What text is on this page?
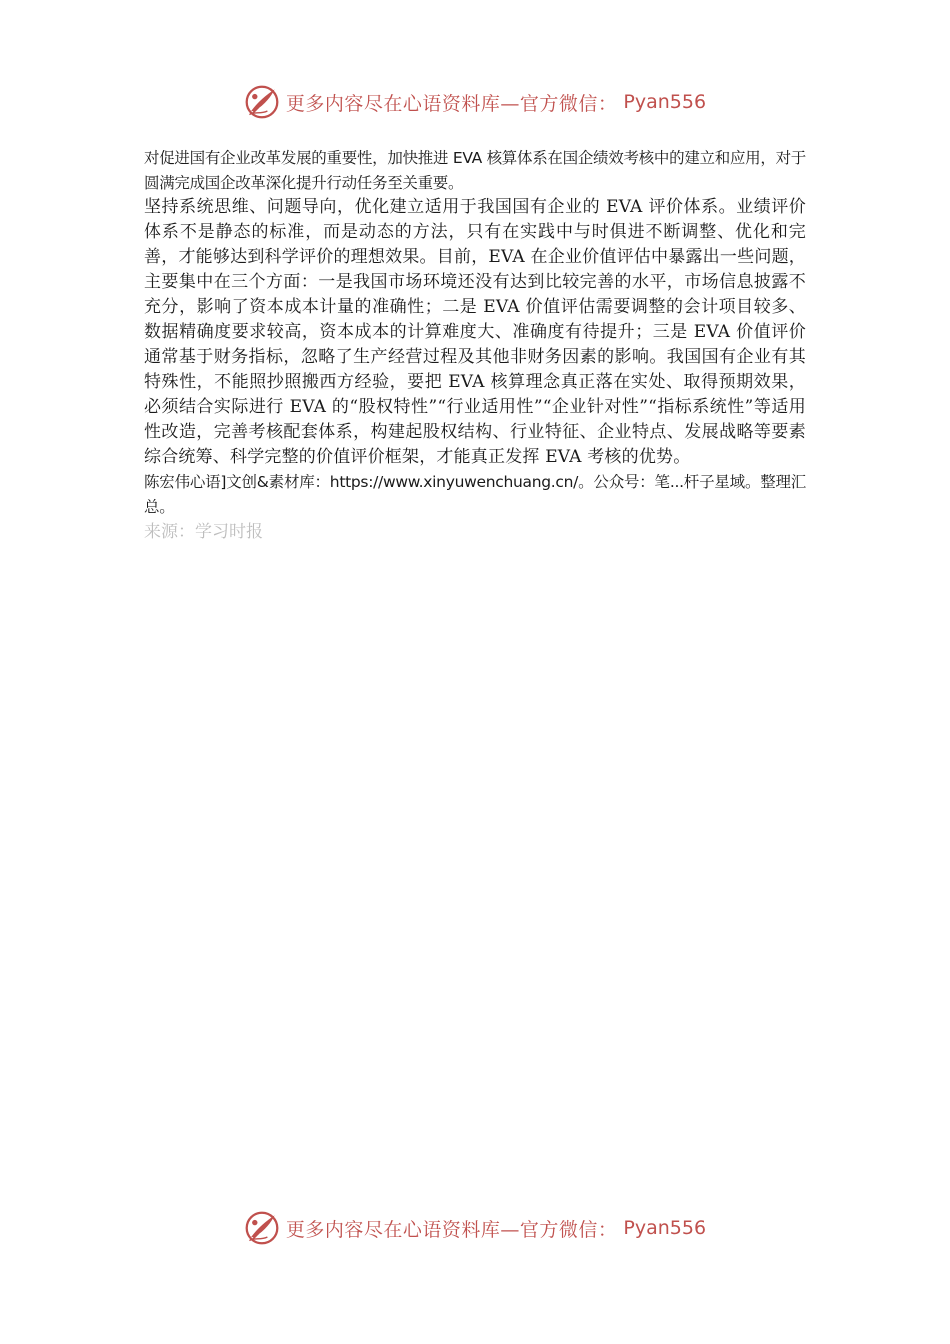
更多内容尽在心语资料库—官方微信： Pyan556

对促进国有企业改革发展的重要性，加快推进 EVA 核算体系在国企绩效考核中的建立和应用，对于圆满完成国企改革深化提升行动任务至关重要。

坚持系统思维、问题导向，优化建立适用于我国国有企业的 EVA 评价体系。业绩评价体系不是静态的标准，而是动态的方法，只有在实践中与时俱进不断调整、优化和完善，才能够达到科学评价的理想效果。目前，EVA 在企业价值评估中暴露出一些问题，主要集中在三个方面：一是我国市场环境还没有达到比较完善的水平，市场信息披露不充分，影响了资本成本计量的准确性；二是 EVA 价值评估需要调整的会计项目较多、数据精确度要求较高，资本成本的计算难度大、准确度有待提升；三是 EVA 价值评价通常基于财务指标，忽略了生产经营过程及其他非财务因素的影响。我国国有企业有其特殊性，不能照抄照搬西方经验，要把 EVA 核算理念真正落在实处、取得预期效果，必须结合实际进行 EVA 的“股权特性”“行业适用性”“企业针对性”“指标系统性”等适用性改造，完善考核配套体系，构建起股权结构、行业特征、企业特点、发展战略等要素综合统筹、科学完整的价值评价框架，才能真正发挥 EVA 考核的优势。

陈宏伟心语]文创&素材库：https://www.xinyuwenchuang.cn/。公众号：笔...杆子星域。整理汇总。

来源：学习时报

更多内容尽在心语资料库—官方微信： Pyan556
